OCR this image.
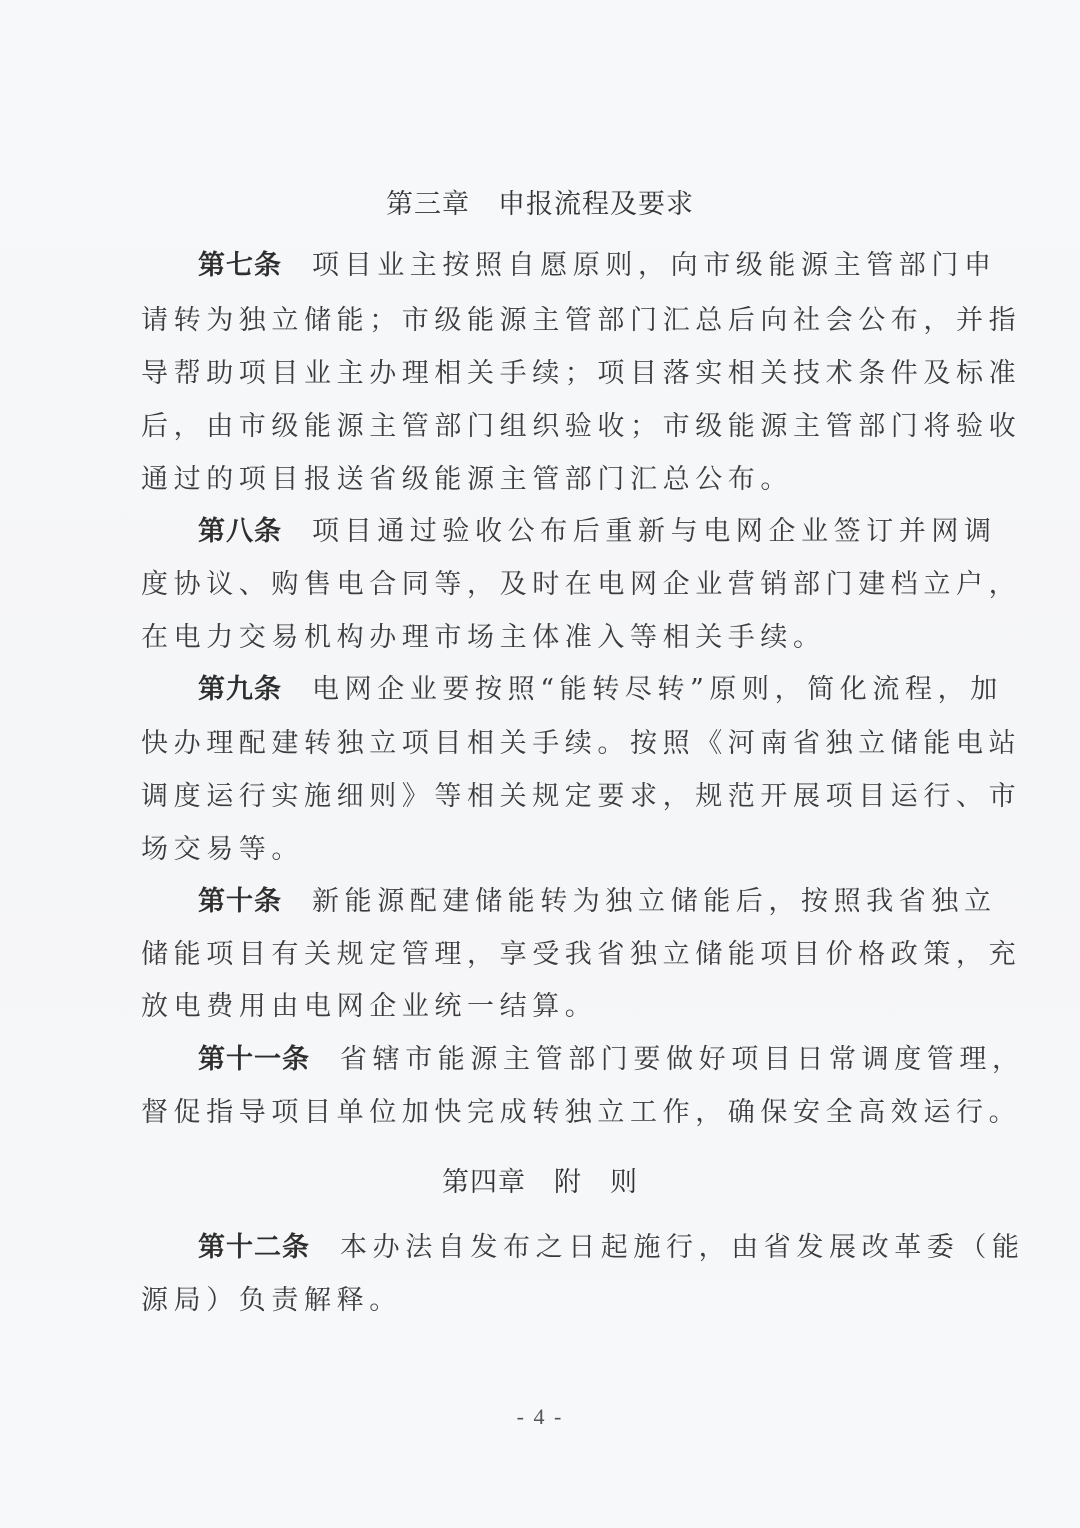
第三章 申报流程及要求
第七条 项目业主按照自愿原则，向市级能源主管部门申
请转为独立储能；市级能源主管部门汇总后向社会公布，并指
导帮助项目业主办理相关手续；项目落实相关技术条件及标准
后，由市级能源主管部门组织验收；市级能源主管部门将验收
通过的项目报送省级能源主管部门汇总公布。
第八条 项目通过验收公布后重新与电网企业签订并网调
度协议、购售电合同等，及时在电网企业营销部门建档立户，
在电力交易机构办理市场主体准入等相关手续。
第九条 电网企业要按照“能转尽转”原则，简化流程，加
快办理配建转独立项目相关手续。按照《河南省独立储能电站
调度运行实施细则》等相关规定要求，规范开展项目运行、市
场交易等。
第十条 新能源配建储能转为独立储能后，按照我省独立
储能项目有关规定管理，享受我省独立储能项目价格政策，充
放电费用由电网企业统一结算。
第十一条 省辖市能源主管部门要做好项目日常调度管理，
督促指导项目单位加快完成转独立工作，确保安全高效运行。
第四章 附　则
第十二条 本办法自发布之日起施行，由省发展改革委（能
源局）负责解释。
- 4 -
